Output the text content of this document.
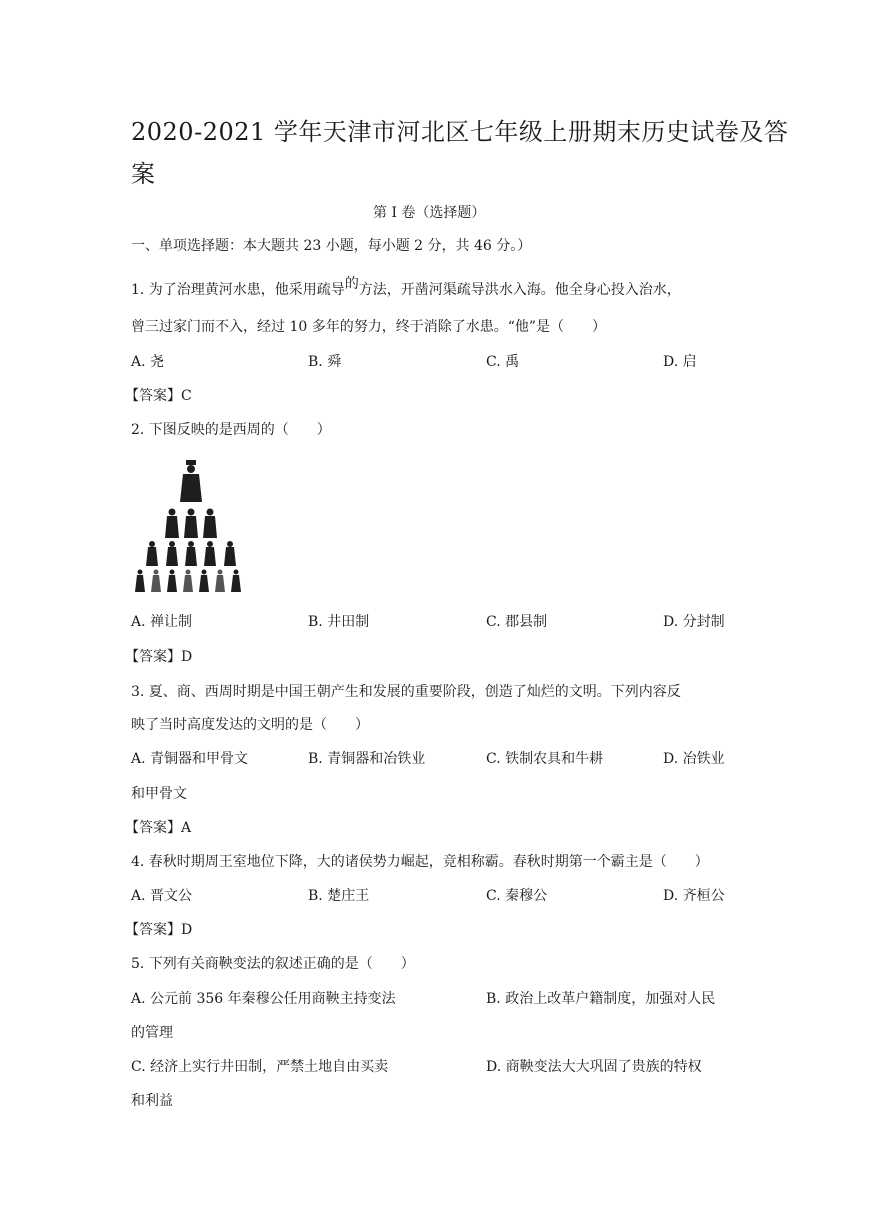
2020-2021 学年天津市河北区七年级上册期末历史试卷及答
案
第 I 卷（选择题）
一、单项选择题：本大题共 23 小题，每小题 2 分，共 46 分。）
1. 为了治理黄河水患，他采用疏导的方法，开凿河渠疏导洪水入海。他全身心投入治水，
曾三过家门而不入，经过 10 多年的努力，终于消除了水患。“他”是（　　）
A. 尧	B. 舜	C. 禹	D. 启
【答案】C
2. 下图反映的是西周的（　　）
A. 禅让制	B. 井田制	C. 郡县制	D. 分封制
【答案】D
3. 夏、商、西周时期是中国王朝产生和发展的重要阶段，创造了灿烂的文明。下列内容反
映了当时高度发达的文明的是（　　）
A. 青铜器和甲骨文	B. 青铜器和冶铁业	C. 铁制农具和牛耕	D. 冶铁业
和甲骨文
【答案】A
4. 春秋时期周王室地位下降，大的诸侯势力崛起，竞相称霸。春秋时期第一个霸主是（　　）
A. 晋文公	B. 楚庄王	C. 秦穆公	D. 齐桓公
【答案】D
5. 下列有关商鞅变法的叙述正确的是（　　）
A. 公元前 356 年秦穆公任用商鞅主持变法	B. 政治上改革户籍制度，加强对人民
的管理
C. 经济上实行井田制，严禁土地自由买卖	D. 商鞅变法大大巩固了贵族的特权
和利益
